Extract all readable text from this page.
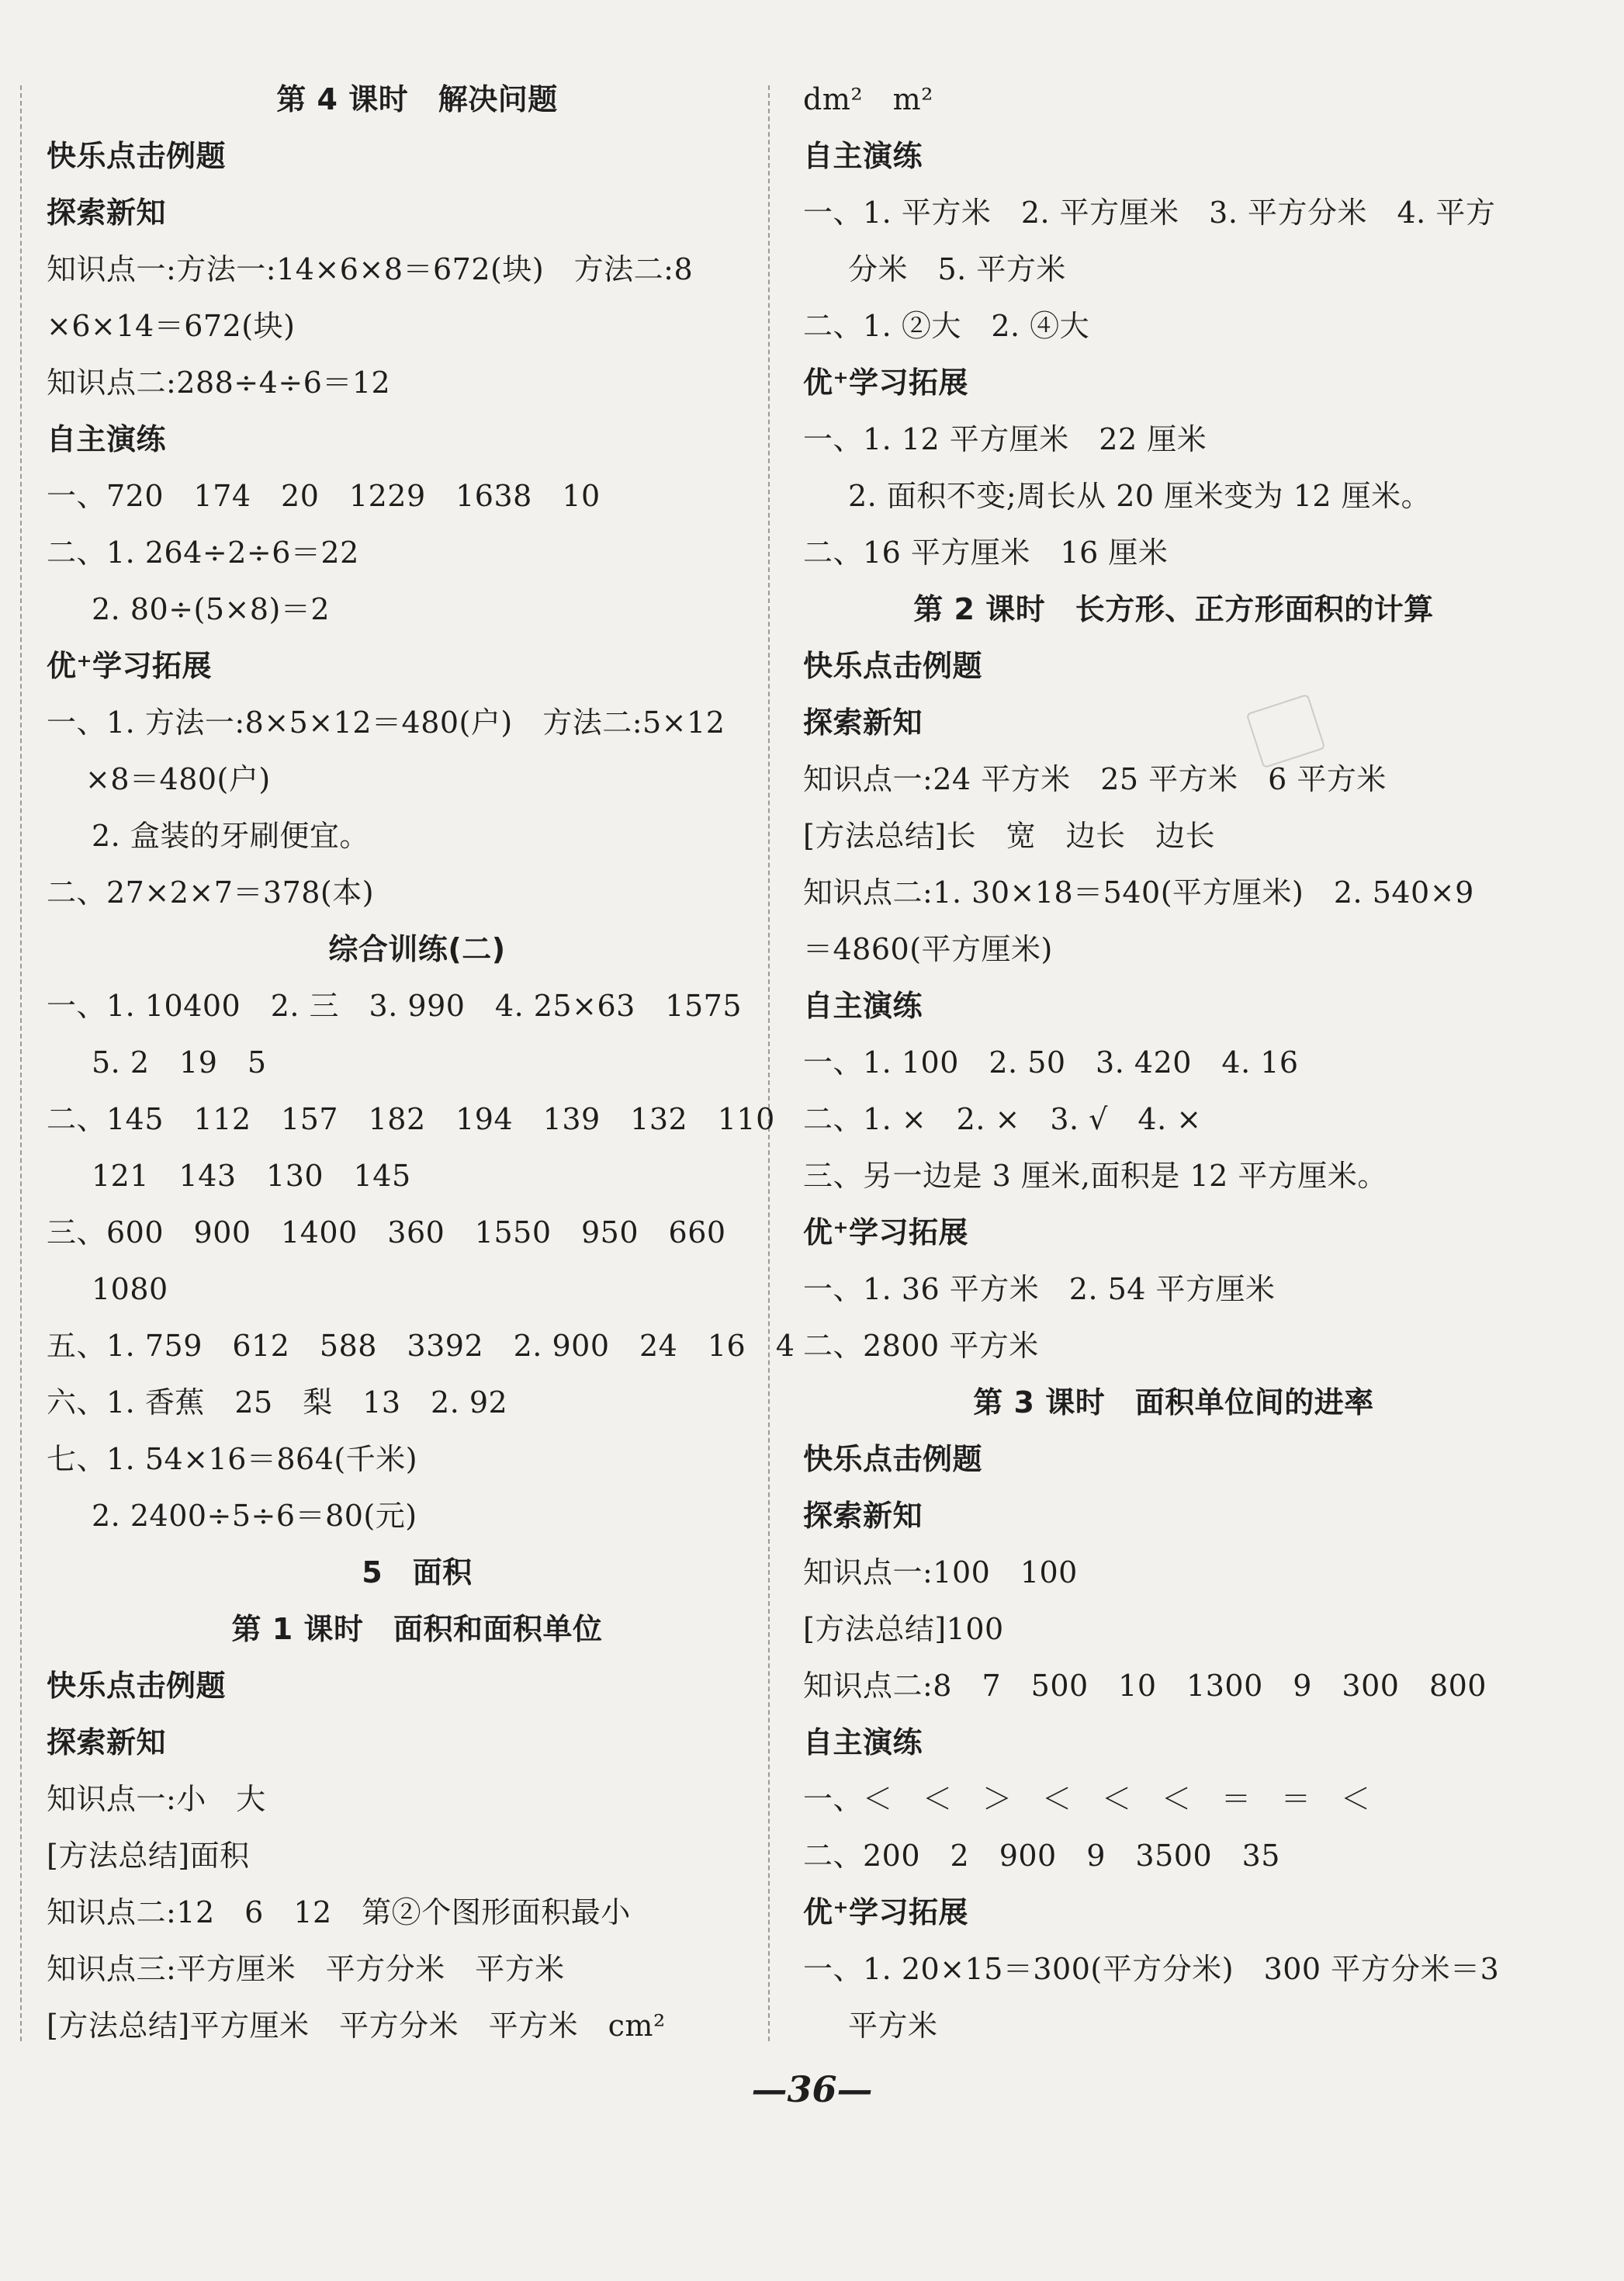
第 4 课时　解决问题
快乐点击例题
探索新知
知识点一:方法一:14×6×8＝672(块)　方法二:8
×6×14＝672(块)
知识点二:288÷4÷6＝12
自主演练
一、720　174　20　1229　1638　10
二、1. 264÷2÷6＝22
2. 80÷(5×8)＝2
优⁺学习拓展
一、1. 方法一:8×5×12＝480(户)　方法二:5×12
×8＝480(户)
2. 盒装的牙刷便宜。
二、27×2×7＝378(本)
综合训练(二)
一、1. 10400　2. 三　3. 990　4. 25×63　1575
5. 2　19　5
二、145　112　157　182　194　139　132　110
121　143　130　145
三、600　900　1400　360　1550　950　660
1080
五、1. 759　612　588　3392　2. 900　24　16　4
六、1. 香蕉　25　梨　13　2. 92
七、1. 54×16＝864(千米)
2. 2400÷5÷6＝80(元)
5　面积
第 1 课时　面积和面积单位
快乐点击例题
探索新知
知识点一:小　大
[方法总结]面积
知识点二:12　6　12　第②个图形面积最小
知识点三:平方厘米　平方分米　平方米
[方法总结]平方厘米　平方分米　平方米　cm²
dm²　m²
自主演练
一、1. 平方米　2. 平方厘米　3. 平方分米　4. 平方
分米　5. 平方米
二、1. ②大　2. ④大
优⁺学习拓展
一、1. 12 平方厘米　22 厘米
2. 面积不变;周长从 20 厘米变为 12 厘米。
二、16 平方厘米　16 厘米
第 2 课时　长方形、正方形面积的计算
快乐点击例题
探索新知
知识点一:24 平方米　25 平方米　6 平方米
[方法总结]长　宽　边长　边长
知识点二:1. 30×18＝540(平方厘米)　2. 540×9
＝4860(平方厘米)
自主演练
一、1. 100　2. 50　3. 420　4. 16
二、1. ×　2. ×　3. √　4. ×
三、另一边是 3 厘米,面积是 12 平方厘米。
优⁺学习拓展
一、1. 36 平方米　2. 54 平方厘米
二、2800 平方米
第 3 课时　面积单位间的进率
快乐点击例题
探索新知
知识点一:100　100
[方法总结]100
知识点二:8　7　500　10　1300　9　300　800
自主演练
一、＜　＜　＞　＜　＜　＜　＝　＝　＜
二、200　2　900　9　3500　35
优⁺学习拓展
一、1. 20×15＝300(平方分米)　300 平方分米＝3
平方米
—36—
